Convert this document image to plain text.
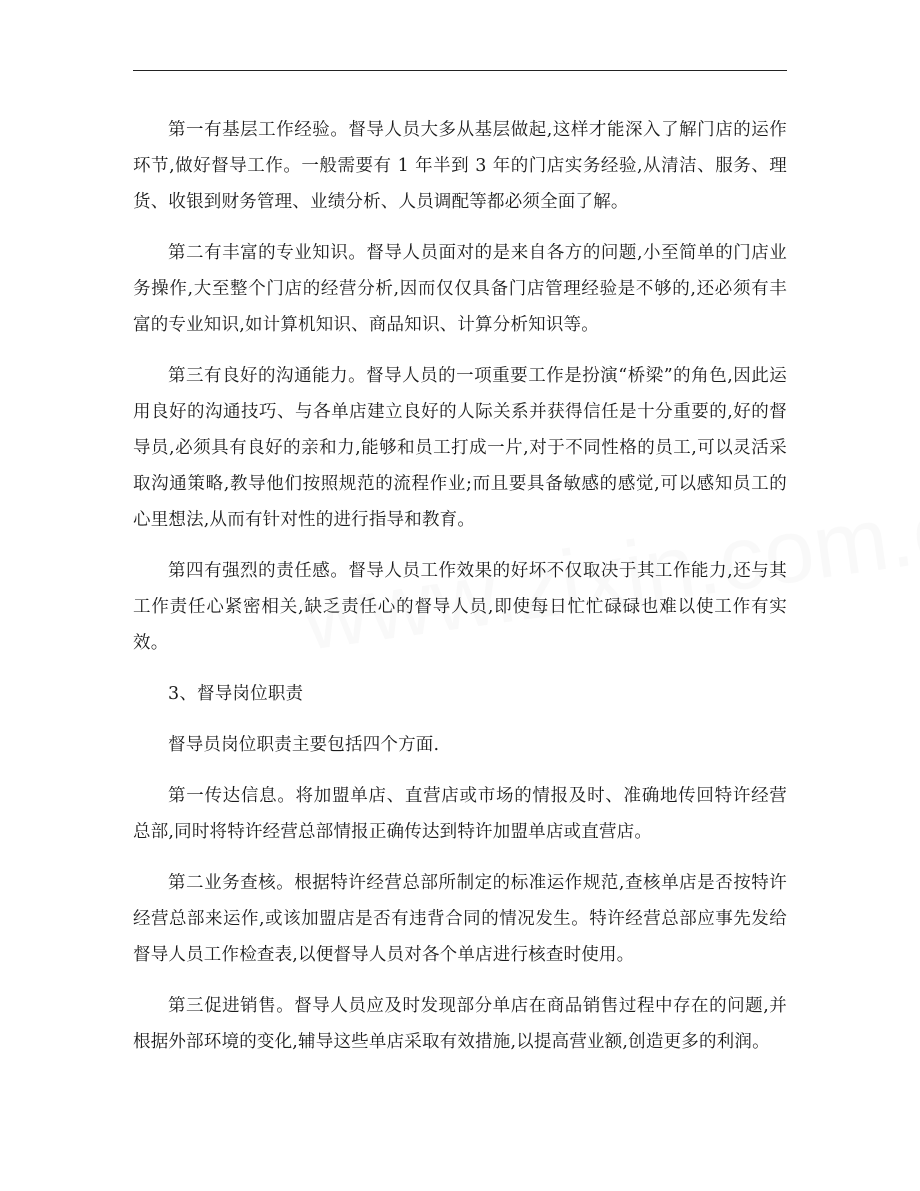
第一有基层工作经验。督导人员大多从基层做起,这样才能深入了解门店的运作环节,做好督导工作。一般需要有 1 年半到 3 年的门店实务经验,从清洁、服务、理货、收银到财务管理、业绩分析、人员调配等都必须全面了解。

第二有丰富的专业知识。督导人员面对的是来自各方的问题,小至简单的门店业务操作,大至整个门店的经营分析,因而仅仅具备门店管理经验是不够的,还必须有丰富的专业知识,如计算机知识、商品知识、计算分析知识等。

第三有良好的沟通能力。督导人员的一项重要工作是扮演“桥梁”的角色,因此运用良好的沟通技巧、与各单店建立良好的人际关系并获得信任是十分重要的,好的督导员,必须具有良好的亲和力,能够和员工打成一片,对于不同性格的员工,可以灵活采取沟通策略,教导他们按照规范的流程作业;而且要具备敏感的感觉,可以感知员工的心里想法,从而有针对性的进行指导和教育。

第四有强烈的责任感。督导人员工作效果的好坏不仅取决于其工作能力,还与其工作责任心紧密相关,缺乏责任心的督导人员,即使每日忙忙碌碌也难以使工作有实效。

3、督导岗位职责

督导员岗位职责主要包括四个方面.

第一传达信息。将加盟单店、直营店或市场的情报及时、准确地传回特许经营总部,同时将特许经营总部情报正确传达到特许加盟单店或直营店。

第二业务查核。根据特许经营总部所制定的标准运作规范,查核单店是否按特许经营总部来运作,或该加盟店是否有违背合同的情况发生。特许经营总部应事先发给督导人员工作检查表,以便督导人员对各个单店进行核查时使用。

第三促进销售。督导人员应及时发现部分单店在商品销售过程中存在的问题,并根据外部环境的变化,辅导这些单店采取有效措施,以提高营业额,创造更多的利润。
